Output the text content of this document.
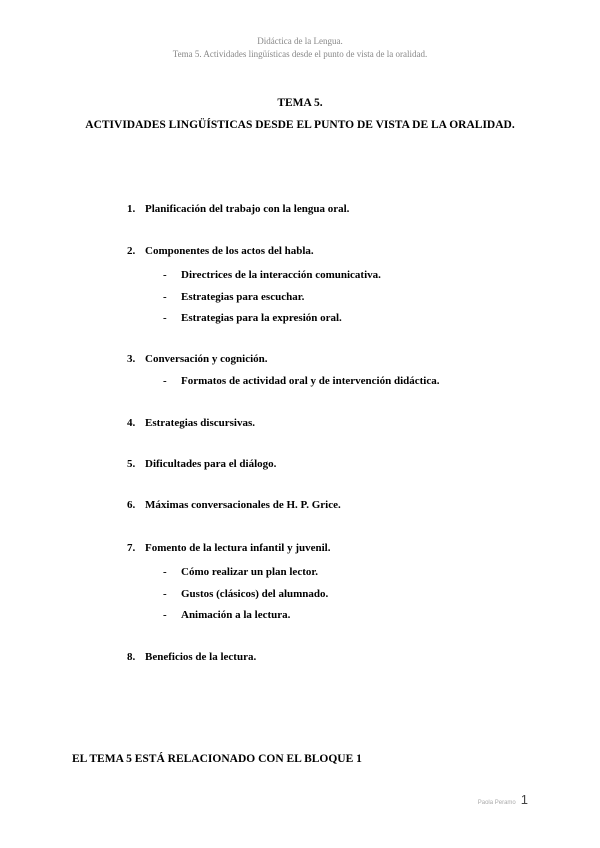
Didáctica de la Lengua.
Tema 5. Actividades lingüísticas desde el punto de vista de la oralidad.
TEMA 5.
ACTIVIDADES LINGÜÍSTICAS DESDE EL PUNTO DE VISTA DE LA ORALIDAD.
1. Planificación del trabajo con la lengua oral.
2. Componentes de los actos del habla.
- Directrices de la interacción comunicativa.
- Estrategias para escuchar.
- Estrategias para la expresión oral.
3. Conversación y cognición.
- Formatos de actividad oral y de intervención didáctica.
4. Estrategias discursivas.
5. Dificultades para el diálogo.
6. Máximas conversacionales de H. P. Grice.
7. Fomento de la lectura infantil y juvenil.
- Cómo realizar un plan lector.
- Gustos (clásicos) del alumnado.
- Animación a la lectura.
8. Beneficios de la lectura.
EL TEMA 5 ESTÁ RELACIONADO CON EL BLOQUE 1
Paola Peramo 1
